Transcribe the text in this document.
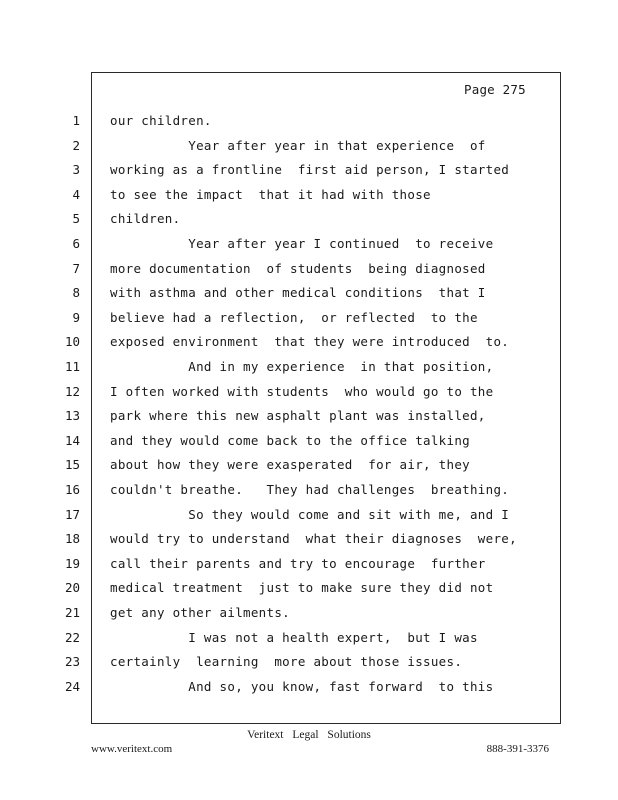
Page 275
1 our children.
2 Year after year in that experience  of
3 working as a frontline  first aid person, I started
4 to see the impact  that it had with those
5 children.
6 Year after year I continued  to receive
7 more documentation  of students  being diagnosed
8 with asthma and other medical conditions  that I
9 believe had a reflection,  or reflected  to the
10 exposed environment  that they were introduced  to.
11 And in my experience  in that position,
12 I often worked with students  who would go to the
13 park where this new asphalt plant was installed,
14 and they would come back to the office talking
15 about how they were exasperated  for air, they
16 couldn't breathe.   They had challenges  breathing.
17 So they would come and sit with me, and I
18 would try to understand  what their diagnoses  were,
19 call their parents and try to encourage  further
20 medical treatment  just to make sure they did not
21 get any other ailments.
22 I was not a health expert,  but I was
23 certainly  learning  more about those issues.
24 And so, you know, fast forward  to this
Veritext Legal Solutions
www.veritext.com	888-391-3376
